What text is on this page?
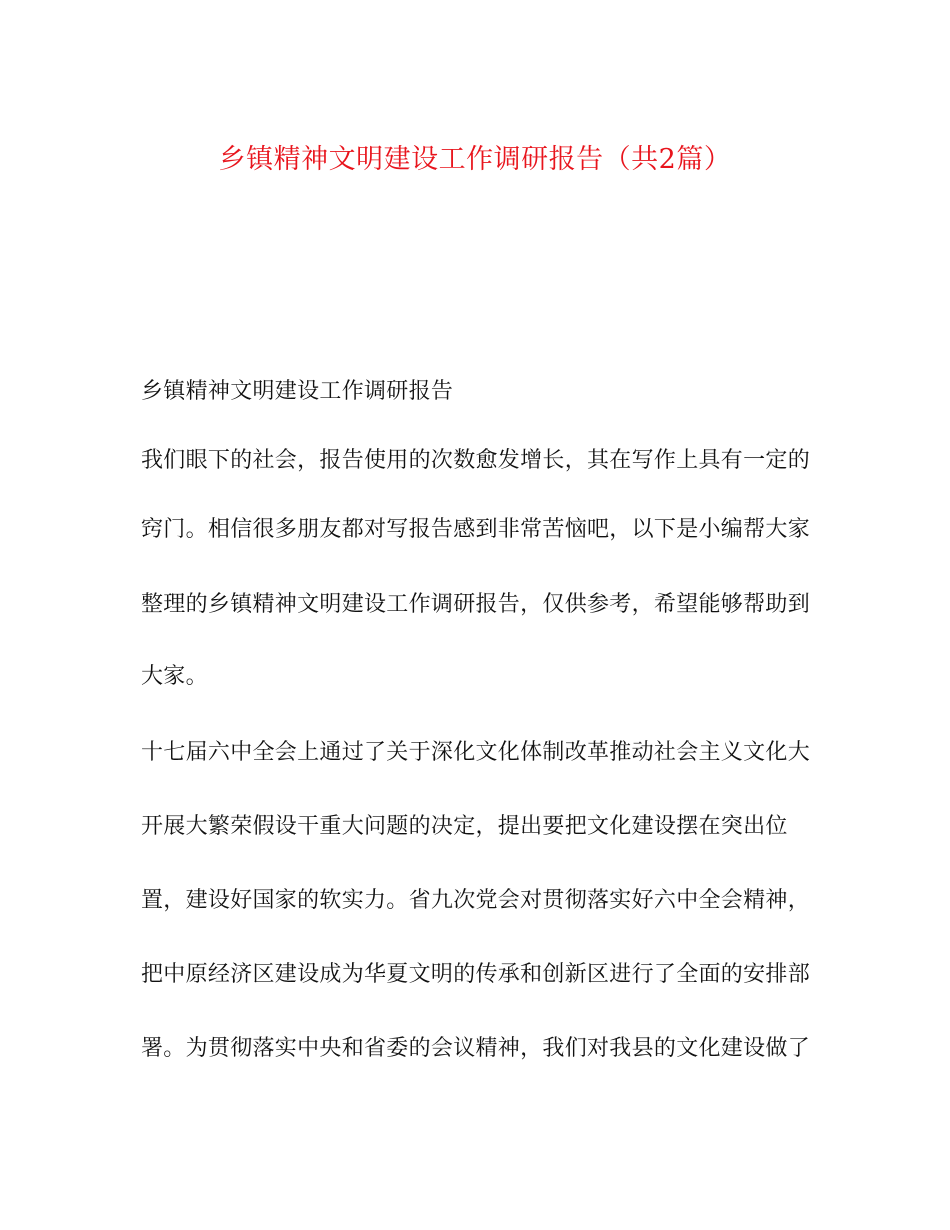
乡镇精神文明建设工作调研报告（共2篇）
乡镇精神文明建设工作调研报告
我们眼下的社会，报告使用的次数愈发增长，其在写作上具有一定的
窍门。相信很多朋友都对写报告感到非常苦恼吧，以下是小编帮大家
整理的乡镇精神文明建设工作调研报告，仅供参考，希望能够帮助到
大家。
十七届六中全会上通过了关于深化文化体制改革推动社会主义文化大
开展大繁荣假设干重大问题的决定，提出要把文化建设摆在突出位
置，建设好国家的软实力。省九次党会对贯彻落实好六中全会精神，
把中原经济区建设成为华夏文明的传承和创新区进行了全面的安排部
署。为贯彻落实中央和省委的会议精神，我们对我县的文化建设做了
